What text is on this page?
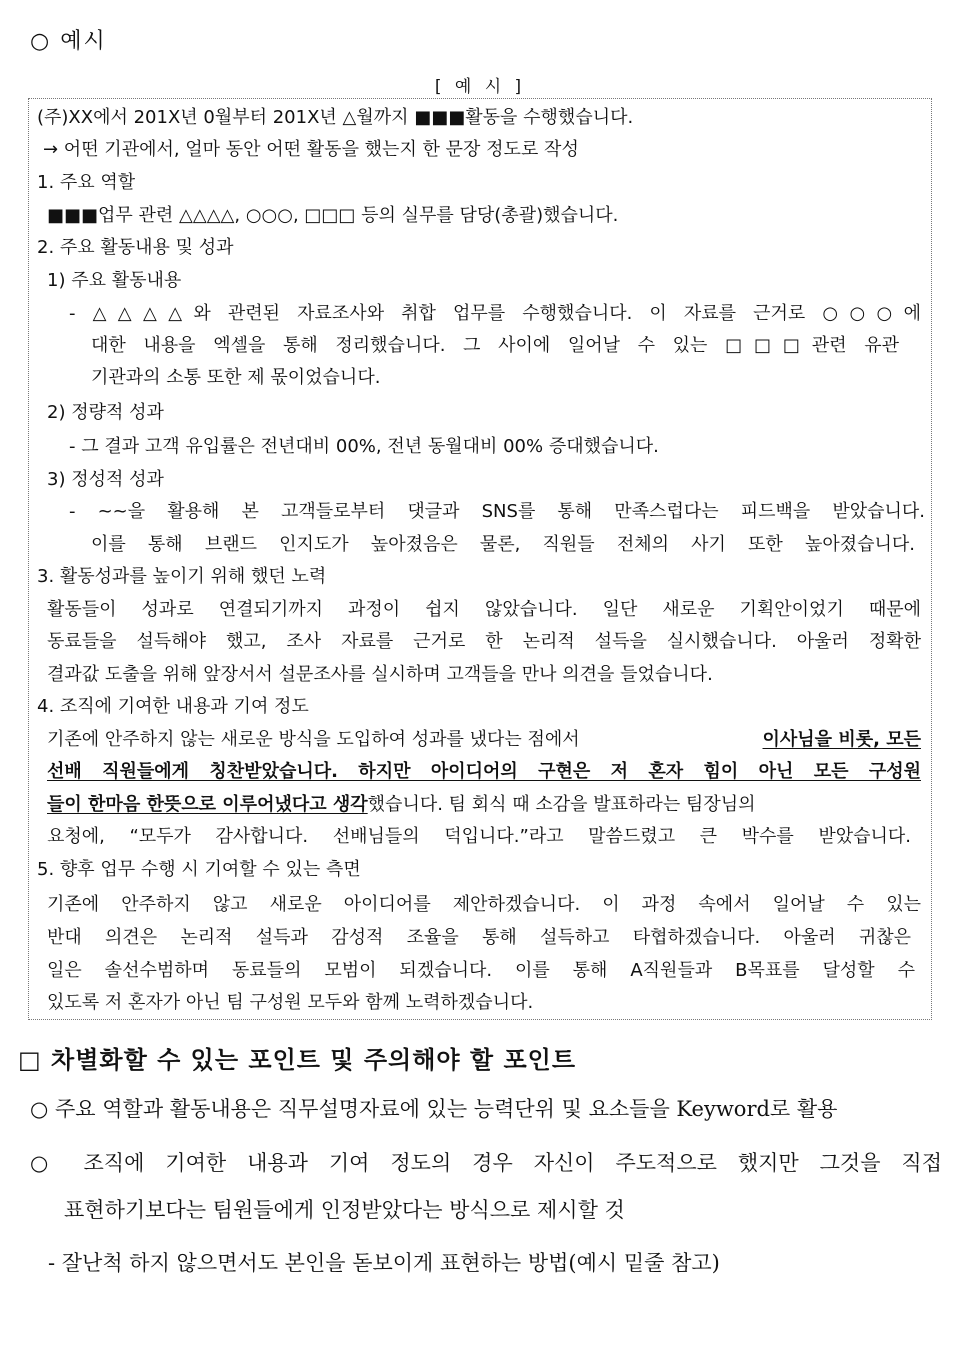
○ 예시
[ 예 시 ]
(주)XX에서 201X년 0월부터 201X년 △월까지 ■■■활동을 수행했습니다.
→ 어떤 기관에서, 얼마 동안 어떤 활동을 했는지 한 문장 정도로 작성
1. 주요 역할
■■■업무 관련 △△△△, ○○○, □□□ 등의 실무를 담당(총괄)했습니다.
2. 주요 활동내용 및 성과
1) 주요 활동내용
- △△△△와 관련된 자료조사와 취합 업무를 수행했습니다. 이 자료를 근거로 ○○○에
대한 내용을 엑셀을 통해 정리했습니다. 그 사이에 일어날 수 있는 □□□관련 유관
기관과의 소통 또한 제 몫이었습니다.
2) 정량적 성과
- 그 결과 고객 유입률은 전년대비 00%, 전년 동월대비 00% 증대했습니다.
3) 정성적 성과
- ~~을 활용해 본 고객들로부터 댓글과 SNS를 통해 만족스럽다는 피드백을 받았습니다.
이를 통해 브랜드 인지도가 높아졌음은 물론, 직원들 전체의 사기 또한 높아졌습니다.
3. 활동성과를 높이기 위해 했던 노력
활동들이 성과로 연결되기까지 과정이 쉽지 않았습니다. 일단 새로운 기획안이었기 때문에
동료들을 설득해야 했고, 조사 자료를 근거로 한 논리적 설득을 실시했습니다. 아울러 정확한
결과값 도출을 위해 앞장서서 설문조사를 실시하며 고객들을 만나 의견을 들었습니다.
4. 조직에 기여한 내용과 기여 정도
기존에 안주하지 않는 새로운 방식을 도입하여 성과를 냈다는 점에서	이사님을 비롯, 모든
선배 직원들에게 칭찬받았습니다. 하지만 아이디어의 구현은 저 혼자 힘이 아닌 모든 구성원
들이 한마음 한뜻으로 이루어냈다고 생각 했습니다. 팀 회식 때 소감을 발표하라는 팀장님의
요청에, “모두가 감사합니다. 선배님들의 덕입니다.”라고 말씀드렸고 큰 박수를 받았습니다.
5. 향후 업무 수행 시 기여할 수 있는 측면
기존에 안주하지 않고 새로운 아이디어를 제안하겠습니다. 이 과정 속에서 일어날 수 있는
반대 의견은 논리적 설득과 감성적 조율을 통해 설득하고 타협하겠습니다. 아울러 귀찮은
일은 솔선수범하며 동료들의 모범이 되겠습니다. 이를 통해 A직원들과 B목표를 달성할 수
있도록 저 혼자가 아닌 팀 구성원 모두와 함께 노력하겠습니다.
□ 차별화할 수 있는 포인트 및 주의해야 할 포인트
○ 주요 역할과 활동내용은 직무설명자료에 있는 능력단위 및 요소들을 Keyword로 활용
○ 조직에 기여한 내용과 기여 정도의 경우 자신이 주도적으로 했지만 그것을 직접
표현하기보다는 팀원들에게 인정받았다는 방식으로 제시할 것
- 잘난척 하지 않으면서도 본인을 돋보이게 표현하는 방법(예시 밑줄 참고)
